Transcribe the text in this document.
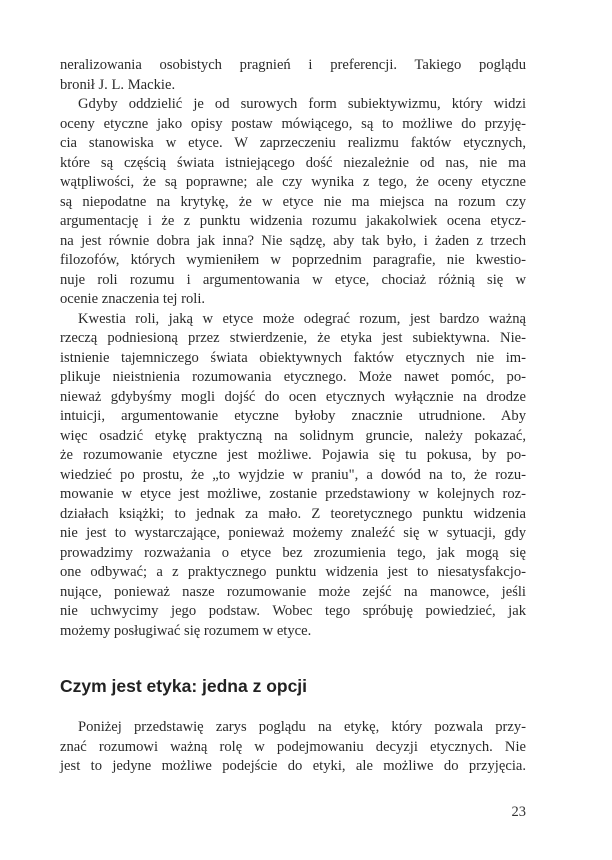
neralizowania osobistych pragnień i preferencji. Takiego poglądu
bronił J. L. Mackie.
Gdyby oddzielić je od surowych form subiektywizmu, który widzi
oceny etyczne jako opisy postaw mówiącego, są to możliwe do przyję-
cia stanowiska w etyce. W zaprzeczeniu realizmu faktów etycznych,
które są częścią świata istniejącego dość niezależnie od nas, nie ma
wątpliwości, że są poprawne; ale czy wynika z tego, że oceny etyczne
są niepodatne na krytykę, że w etyce nie ma miejsca na rozum czy
argumentację i że z punktu widzenia rozumu jakakolwiek ocena etycz-
na jest równie dobra jak inna? Nie sądzę, aby tak było, i żaden z trzech
filozofów, których wymieniłem w poprzednim paragrafie, nie kwestio-
nuje roli rozumu i argumentowania w etyce, chociaż różnią się w
ocenie znaczenia tej roli.
Kwestia roli, jaką w etyce może odegrać rozum, jest bardzo ważną
rzeczą podniesioną przez stwierdzenie, że etyka jest subiektywna. Nie-
istnienie tajemniczego świata obiektywnych faktów etycznych nie im-
plikuje nieistnienia rozumowania etycznego. Może nawet pomóc, po-
nieważ gdybyśmy mogli dojść do ocen etycznych wyłącznie na drodze
intuicji, argumentowanie etyczne byłoby znacznie utrudnione. Aby
więc osadzić etykę praktyczną na solidnym gruncie, należy pokazać,
że rozumowanie etyczne jest możliwe. Pojawia się tu pokusa, by po-
wiedzieć po prostu, że „to wyjdzie w praniu", a dowód na to, że rozu-
mowanie w etyce jest możliwe, zostanie przedstawiony w kolejnych roz-
działach książki; to jednak za mało. Z teoretycznego punktu widzenia
nie jest to wystarczające, ponieważ możemy znaleźć się w sytuacji, gdy
prowadzimy rozważania o etyce bez zrozumienia tego, jak mogą się
one odbywać; a z praktycznego punktu widzenia jest to niesatysfakcjo-
nujące, ponieważ nasze rozumowanie może zejść na manowce, jeśli
nie uchwycimy jego podstaw. Wobec tego spróbuję powiedzieć, jak
możemy posługiwać się rozumem w etyce.
Czym jest etyka: jedna z opcji
Poniżej przedstawię zarys poglądu na etykę, który pozwala przy-
znać rozumowi ważną rolę w podejmowaniu decyzji etycznych. Nie
jest to jedyne możliwe podejście do etyki, ale możliwe do przyjęcia.
23
